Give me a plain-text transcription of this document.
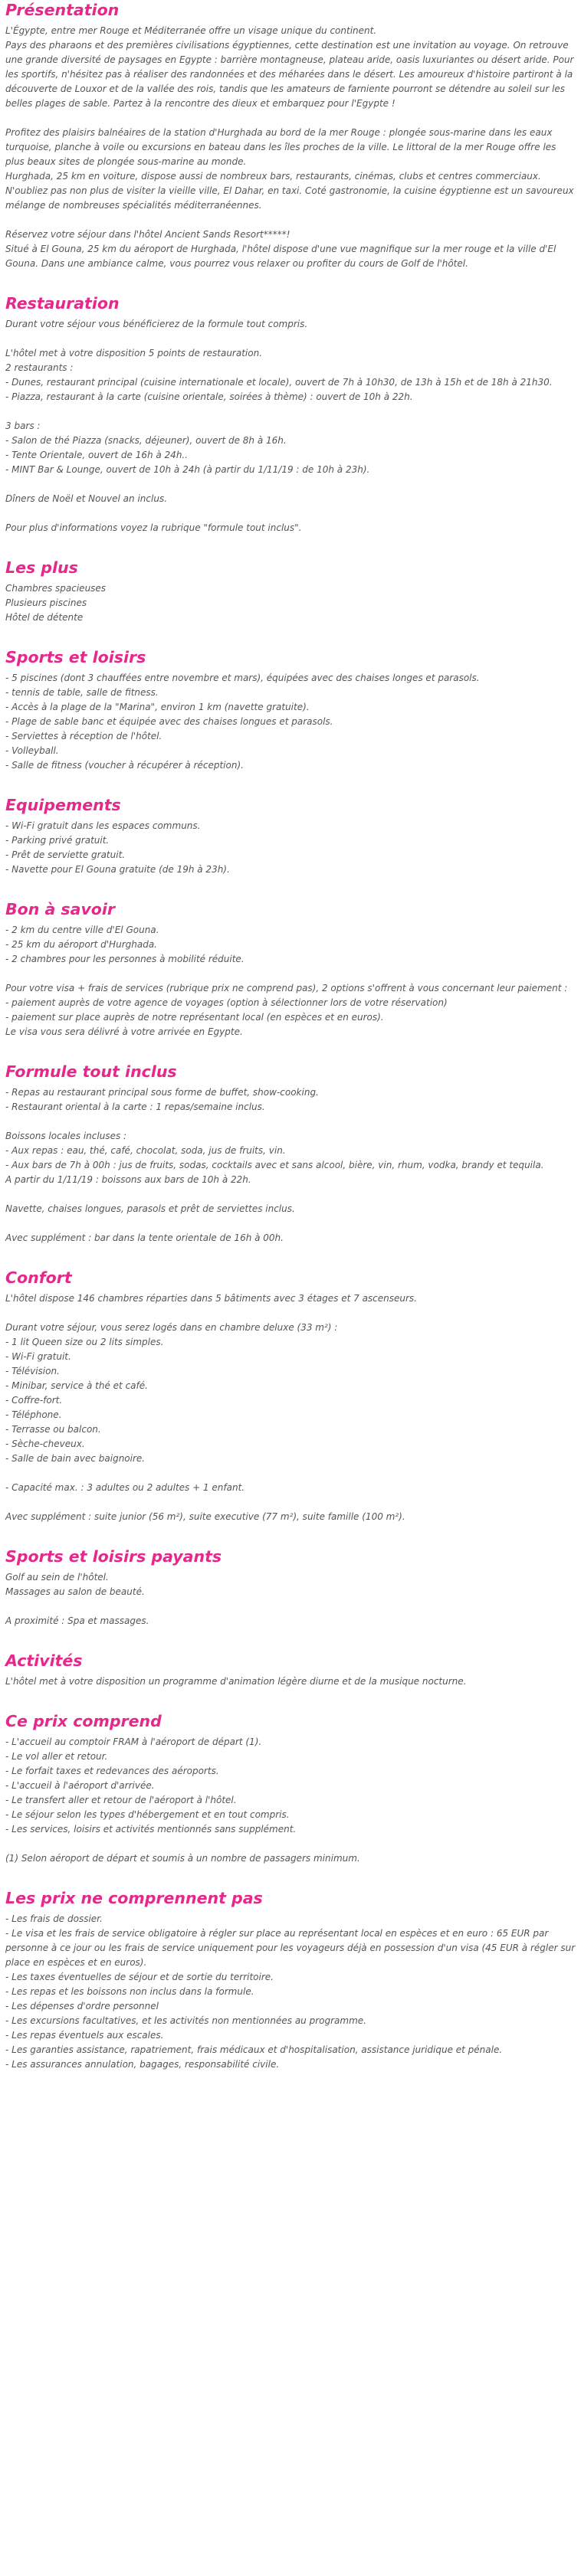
Présentation
L'Égypte, entre mer Rouge et Méditerranée offre un visage unique du continent.
Pays des pharaons et des premières civilisations égyptiennes, cette destination est une invitation au voyage. On retrouve une grande diversité de paysages en Egypte : barrière montagneuse, plateau aride, oasis luxuriantes ou désert aride. Pour les sportifs, n'hésitez pas à réaliser des randonnées et des méharées dans le désert. Les amoureux d'histoire partiront à la découverte de Louxor et de la vallée des rois, tandis que les amateurs de farniente pourront se détendre au soleil sur les belles plages de sable. Partez à la rencontre des dieux et embarquez pour l'Egypte !
Profitez des plaisirs balnéaires de la station d'Hurghada au bord de la mer Rouge : plongée sous-marine dans les eaux turquoise, planche à voile ou excursions en bateau dans les îles proches de la ville. Le littoral de la mer Rouge offre les plus beaux sites de plongée sous-marine au monde.
Hurghada, 25 km en voiture, dispose aussi de nombreux bars, restaurants, cinémas, clubs et centres commerciaux. N'oubliez pas non plus de visiter la vieille ville, El Dahar, en taxi. Coté gastronomie, la cuisine égyptienne est un savoureux mélange de nombreuses spécialités méditerranéennes.
Réservez votre séjour dans l'hôtel Ancient Sands Resort*****!
Situé à El Gouna, 25 km du aéroport de Hurghada, l'hôtel dispose d'une vue magnifique sur la mer rouge et la ville d'El Gouna. Dans une ambiance calme, vous pourrez vous relaxer ou profiter du cours de Golf de l'hôtel.
Restauration
Durant votre séjour vous bénéficierez de la formule tout compris.
L'hôtel met à votre disposition 5 points de restauration.
2 restaurants :
- Dunes, restaurant principal (cuisine internationale et locale), ouvert de 7h à 10h30, de 13h à 15h et de 18h à 21h30.
- Piazza, restaurant à la carte (cuisine orientale, soirées à thème) : ouvert de 10h à 22h.
3 bars :
- Salon de thé Piazza (snacks, déjeuner), ouvert de 8h à 16h.
- Tente Orientale, ouvert de 16h à 24h..
- MINT Bar & Lounge, ouvert de 10h à 24h (à partir du 1/11/19 : de 10h à 23h).
Dîners de Noël et Nouvel an inclus.
Pour plus d'informations voyez la rubrique "formule tout inclus".
Les plus
Chambres spacieuses
Plusieurs piscines
Hôtel de détente
Sports et loisirs
- 5 piscines (dont 3 chauffées entre novembre et mars), équipées avec des chaises longes et parasols.
- tennis de table, salle de fitness.
- Accès à la plage de la "Marina", environ 1 km (navette gratuite).
- Plage de sable banc et équipée avec des chaises longues et parasols.
- Serviettes à réception de l'hôtel.
- Volleyball.
- Salle de fitness (voucher à récupérer à réception).
Equipements
- Wi-Fi gratuit dans les espaces communs.
- Parking privé gratuit.
- Prêt de serviette gratuit.
- Navette pour El Gouna gratuite (de 19h à 23h).
Bon à savoir
- 2 km du centre ville d'El Gouna.
- 25 km du aéroport d'Hurghada.
- 2 chambres pour les personnes à mobilité réduite.
Pour votre visa + frais de services (rubrique prix ne comprend pas), 2 options s'offrent à vous concernant leur paiement :
- paiement auprès de votre agence de voyages (option à sélectionner lors de votre réservation)
- paiement sur place auprès de notre représentant local (en espèces et en euros).
Le visa vous sera délivré à votre arrivée en Egypte.
Formule tout inclus
- Repas au restaurant principal sous forme de buffet, show-cooking.
- Restaurant oriental à la carte : 1 repas/semaine inclus.
Boissons locales incluses :
- Aux repas : eau, thé, café, chocolat, soda, jus de fruits, vin.
- Aux bars de 7h à 00h : jus de fruits, sodas, cocktails avec et sans alcool, bière, vin, rhum, vodka, brandy et tequila.
A partir du 1/11/19 : boissons aux bars de 10h à 22h.
Navette, chaises longues, parasols et prêt de serviettes inclus.
Avec supplément : bar dans la tente orientale de 16h à 00h.
Confort
L'hôtel dispose 146 chambres réparties dans 5 bâtiments avec 3 étages et 7 ascenseurs.
Durant votre séjour, vous serez logés dans en chambre deluxe (33 m²) :
- 1 lit Queen size ou 2 lits simples.
- Wi-Fi gratuit.
- Télévision.
- Minibar, service à thé et café.
- Coffre-fort.
- Téléphone.
- Terrasse ou balcon.
- Sèche-cheveux.
- Salle de bain avec baignoire.
- Capacité max. : 3 adultes ou 2 adultes + 1 enfant.
Avec supplément : suite junior (56 m²), suite executive (77 m²), suite famille (100 m²).
Sports et loisirs payants
Golf au sein de l'hôtel.
Massages au salon de beauté.
A proximité : Spa et massages.
Activités
L'hôtel met à votre disposition un programme d'animation légère diurne et de la musique nocturne.
Ce prix comprend
- L'accueil au comptoir FRAM à l'aéroport de départ (1).
- Le vol aller et retour.
- Le forfait taxes et redevances des aéroports.
- L'accueil à l'aéroport d'arrivée.
- Le transfert aller et retour de l'aéroport à l'hôtel.
- Le séjour selon les types d'hébergement et en tout compris.
- Les services, loisirs et activités mentionnés sans supplément.
(1) Selon aéroport de départ et soumis à un nombre de passagers minimum.
Les prix ne comprennent pas
- Les frais de dossier.
- Le visa et les frais de service obligatoire à régler sur place au représentant local en espèces et en euro : 65 EUR par personne à ce jour ou les frais de service uniquement pour les voyageurs déjà en possession d'un visa (45 EUR à régler sur place en espèces et en euros).
- Les taxes éventuelles de séjour et de sortie du territoire.
- Les repas et les boissons non inclus dans la formule.
- Les dépenses d'ordre personnel
- Les excursions facultatives, et les activités non mentionnées au programme.
- Les repas éventuels aux escales.
- Les garanties assistance, rapatriement, frais médicaux et d'hospitalisation, assistance juridique et pénale.
- Les assurances annulation, bagages, responsabilité civile.
